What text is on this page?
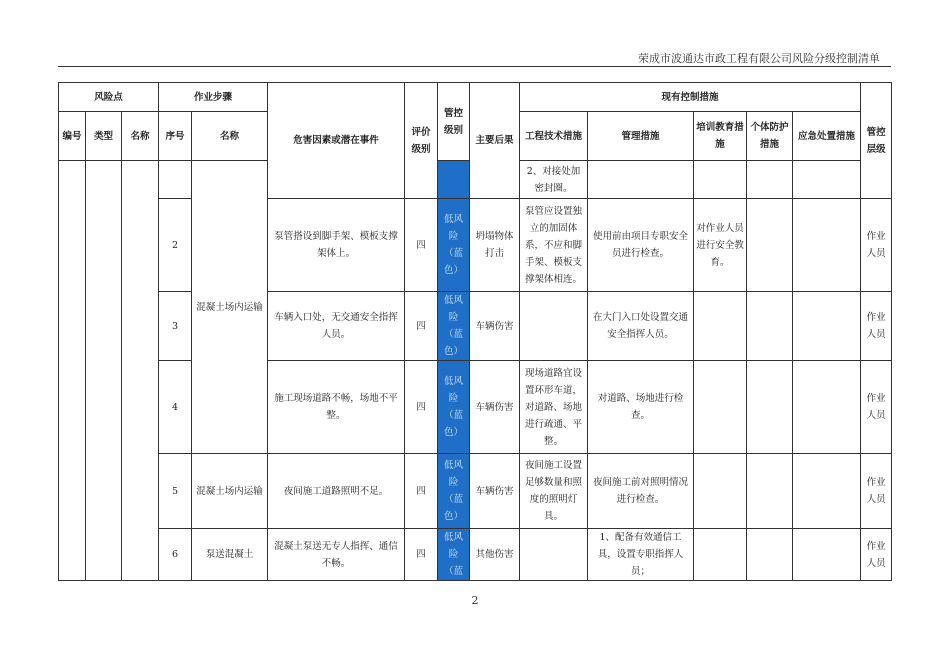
荣成市波通达市政工程有限公司风险分级控制清单
风险点			作业步骤		危害因素或潜在事件	评价级别	管控级别	主要后果	现有控制措施					管控层级
编号	类型	名称	序号	名称					工程技术措施	管理措施	培训教育措施	个体防护措施	应急处置措施	
				混凝土场内运输					2、对接处加密封圈。					
			2		泵管搭设到脚手架、模板支撑架体上。	四	低风险（蓝色）	坍塌物体打击	泵管应设置独立的加固体系，不应和脚手架、模板支撑架体相连。	使用前由项目专职安全员进行检查。	对作业人员进行安全教育。			作业人员
			3		车辆入口处，无交通安全指挥人员。	四	低风险（蓝色）	车辆伤害		在大门入口处设置交通安全指挥人员。				作业人员
			4		施工现场道路不畅，场地不平整。	四	低风险（蓝色）	车辆伤害	现场道路宜设置环形车道，对道路、场地进行疏通、平整。	对道路、场地进行检查。				作业人员
			5	混凝土场内运输	夜间施工道路照明不足。	四	低风险（蓝色）	车辆伤害	夜间施工设置足够数量和照度的照明灯具。	夜间施工前对照明情况进行检查。				作业人员
			6	泵送混凝土	混凝土泵送无专人指挥、通信不畅。	四	低风险（蓝	其他伤害		1、配备有效通信工具，设置专职指挥人员；				作业人员
2
